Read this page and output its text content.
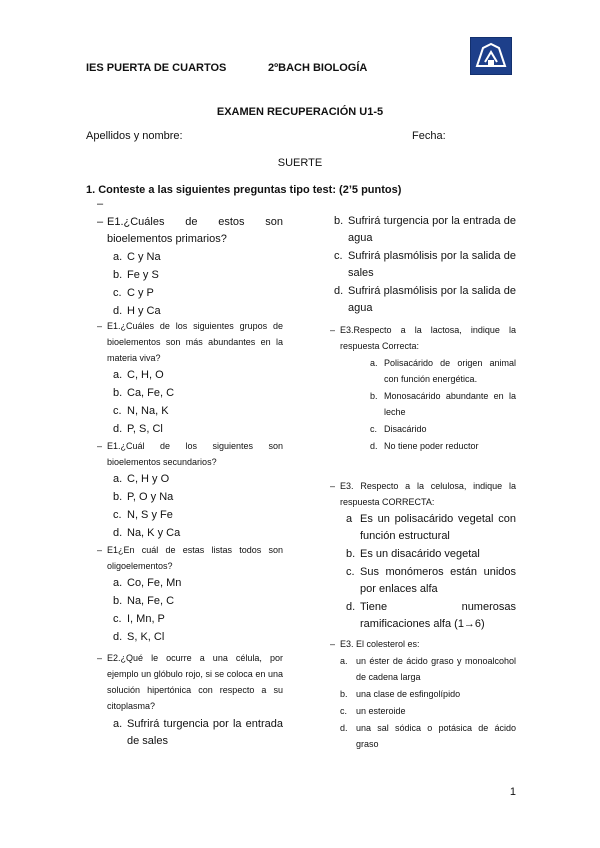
IES PUERTA DE CUARTOS	2ºBACH BIOLOGÍA
EXAMEN RECUPERACIÓN U1-5
Apellidos y nombre:	Fecha:
SUERTE
1. Conteste a las siguientes preguntas tipo test: (2’5 puntos)
–
– E1.¿Cuáles de estos son bioelementos primarios?
a. C y Na
b. Fe y S
c. C y P
d. H y Ca
– E1.¿Cuáles de los siguientes grupos de bioelementos son más abundantes en la materia viva?
a. C, H, O
b. Ca, Fe, C
c. N, Na, K
d. P, S, Cl
– E1.¿Cuál de los siguientes son bioelementos secundarios?
a. C, H y O
b. P, O y Na
c. N, S y Fe
d. Na, K y Ca
– E1¿En cuál de estas listas todos son oligoelementos?
a. Co, Fe, Mn
b. Na, Fe, C
c. I, Mn, P
d. S, K, Cl
– E2.¿Qué le ocurre a una célula, por ejemplo un glóbulo rojo, si se coloca en una solución hipertónica con respecto a su citoplasma?
a. Sufrirá turgencia por la entrada de sales
b. Sufrirá turgencia por la entrada de agua
c. Sufrirá plasmólisis por la salida de sales
d. Sufrirá plasmólisis por la salida de agua
– E3.Respecto a la lactosa, indique la respuesta Correcta:
a. Polisacárido de origen animal con función energética.
b. Monosacárido abundante en la leche
c. Disacárido
d. No tiene poder reductor
– E3. Respecto a la celulosa, indique la respuesta CORRECTA:
a Es un polisacárido vegetal con función estructural
b. Es un disacárido vegetal
c. Sus monómeros están unidos por enlaces alfa
d. Tiene numerosas ramificaciones alfa (1→6)
– E3. El colesterol es:
a. un éster de ácido graso y monoalcohol de cadena larga
b. una clase de esfingolípido
c. un esteroide
d. una sal sódica o potásica de ácido graso
1
